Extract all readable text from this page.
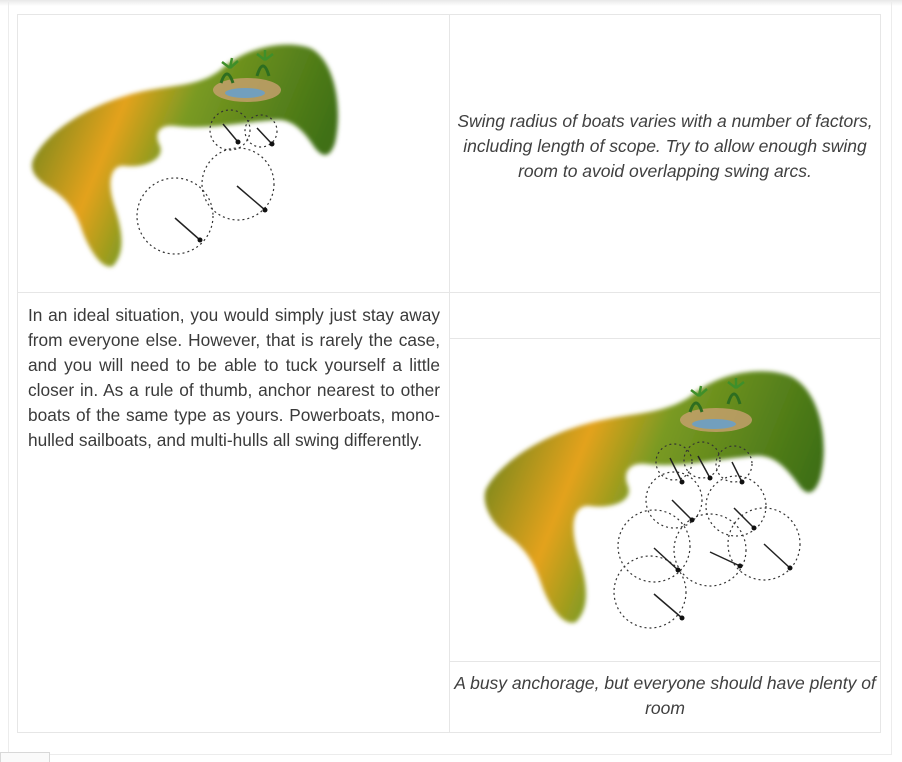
Swing radius of boats varies with a number of factors, including length of scope. Try to allow enough swing room to avoid overlapping swing arcs.
In an ideal situation, you would simply just stay away from everyone else. However, that is rarely the case, and you will need to be able to tuck yourself a little closer in. As a rule of thumb, anchor nearest to other boats of the same type as yours. Powerboats, mono-hulled sailboats, and multi-hulls all swing differently.
A busy anchorage, but everyone should have plenty of room
